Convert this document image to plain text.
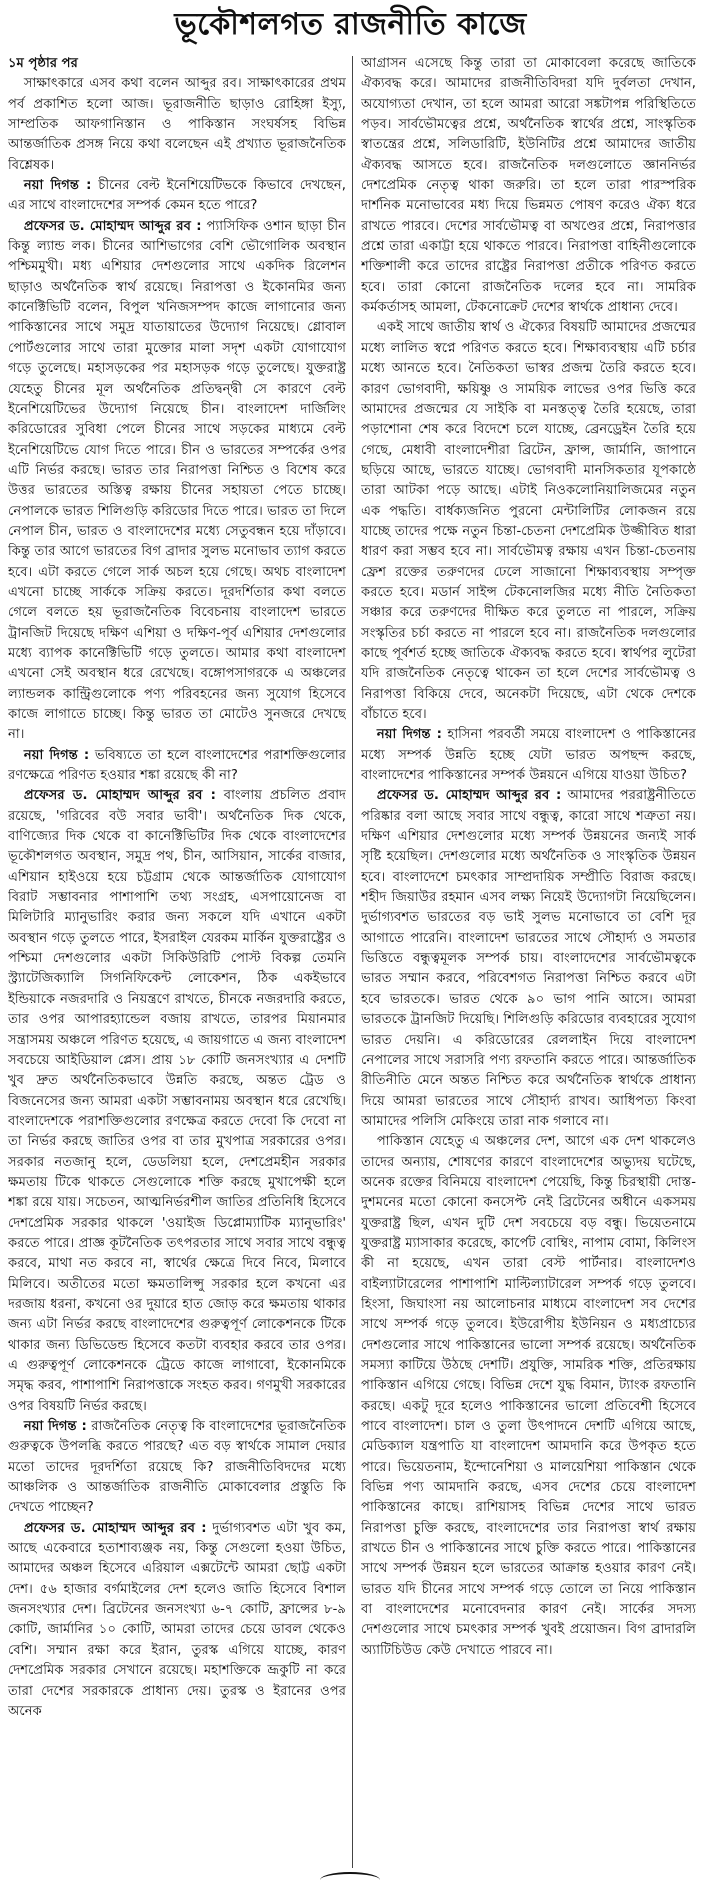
ভূকৌশলগত রাজনীতি কাজে

১ম পৃষ্ঠার পর

সাক্ষাৎকারে এসব কথা বলেন আব্দুর রব। সাক্ষাৎকারের প্রথম পর্ব প্রকাশিত হলো আজ। ভূরাজনীতি ছাড়াও রোহিঙ্গা ইস্যু, সাম্প্রতিক আফগানিস্তান ও পাকিস্তান সংঘর্ষসহ বিভিন্ন আন্তর্জাতিক প্রসঙ্গ নিয়ে কথা বলেছেন এই প্রখ্যাত ভূরাজনৈতিক বিশ্লেষক।

নয়া দিগন্ত : চীনের বেল্ট ইনেশিয়েটিভকে কিভাবে দেখছেন, এর সাথে বাংলাদেশের সম্পর্ক কেমন হতে পারে?

প্রফেসর ড. মোহাম্মদ আব্দুর রব : প্যাসিফিক ওশান ছাড়া চীন কিন্তু ল্যান্ড লক। চীনের আশিভাগের বেশি ভৌগোলিক অবস্থান পশ্চিমমুখী। মধ্য এশিয়ার দেশগুলোর সাথে একদিক রিলেশন ছাড়াও অর্থনৈতিক স্বার্থ রয়েছে। নিরাপত্তা ও ইকোনমির জন্য কানেক্টিভিটি বলেন, বিপুল খনিজসম্পদ কাজে লাগানোর জন্য পাকিস্তানের সাথে সমুদ্র যাতায়াতের উদ্যোগ নিয়েছে। গ্লোবাল পোর্টগুলোর সাথে তারা মুক্তোর মালা সদৃশ একটা যোগাযোগ গড়ে তুলেছে। মহাসড়কের পর মহাসড়ক গড়ে তুলেছে। যুক্তরাষ্ট্র যেহেতু চীনের মূল অর্থনৈতিক প্রতিদ্বন্দ্বী সে কারণে বেল্ট ইনেশিয়েটিভের উদ্যোগ নিয়েছে চীন। বাংলাদেশ দার্জিলিং করিডোরের সুবিধা পেলে চীনের সাথে সড়কের মাধ্যমে বেল্ট ইনেশিয়েটিভে যোগ দিতে পারে। চীন ও ভারতের সম্পর্কের ওপর এটি নির্ভর করছে। ভারত তার নিরাপত্তা নিশ্চিত ও বিশেষ করে উত্তর ভারতের অস্তিত্ব রক্ষায় চীনের সহায়তা পেতে চাচ্ছে। নেপালকে ভারত শিলিগুড়ি করিডোর দিতে পারে। ভারত তা দিলে নেপাল চীন, ভারত ও বাংলাদেশের মধ্যে সেতুবন্ধন হয়ে দাঁড়াবে। কিন্তু তার আগে ভারতের বিগ ব্রাদার সুলভ মনোভাব ত্যাগ করতে হবে। এটা করতে গেলে সার্ক অচল হয়ে গেছে। অথচ বাংলাদেশ এখনো চাচ্ছে সার্ককে সক্রিয় করতে। দূরদর্শিতার কথা বলতে গেলে বলতে হয় ভূরাজনৈতিক বিবেচনায় বাংলাদেশ ভারতে ট্রানজিট দিয়েছে দক্ষিণ এশিয়া ও দক্ষিণ-পূর্ব এশিয়ার দেশগুলোর মধ্যে ব্যাপক কানেক্টিভিটি গড়ে তুলতে। আমার কথা বাংলাদেশ এখনো সেই অবস্থান ধরে রেখেছে। বঙ্গোপসাগরকে এ অঞ্চলের ল্যান্ডলক কান্ট্রিগুলোকে পণ্য পরিবহনের জন্য সুযোগ হিসেবে কাজে লাগাতে চাচ্ছে। কিন্তু ভারত তা মোটেও সুনজরে দেখছে না।

নয়া দিগন্ত : ভবিষ্যতে তা হলে বাংলাদেশের পরাশক্তিগুলোর রণক্ষেত্রে পরিণত হওয়ার শঙ্কা রয়েছে কী না?

প্রফেসর ড. মোহাম্মদ আব্দুর রব : বাংলায় প্রচলিত প্রবাদ রয়েছে, 'গরিবের বউ সবার ভাবী'। অর্থনৈতিক দিক থেকে, বাণিজ্যের দিক থেকে বা কানেক্টিভিটির দিক থেকে বাংলাদেশের ভূকৌশলগত অবস্থান, সমুদ্র পথ, চীন, আসিয়ান, সার্কের বাজার, এশিয়ান হাইওয়ে হয়ে চট্টগ্রাম থেকে আন্তর্জাতিক যোগাযোগ বিরাট সম্ভাবনার পাশাপাশি তথ্য সংগ্রহ, এসপায়োনেজ বা মিলিটারি ম্যানুভারিং করার জন্য সকলে যদি এখানে একটা অবস্থান গড়ে তুলতে পারে, ইসরাইল যেরকম মার্কিন যুক্তরাষ্ট্রের ও পশ্চিমা দেশগুলোর একটা সিকিউরিটি পোস্ট বিকল্প তেমনি স্ট্র্যাটেজিক্যালি সিগনিফিকেন্ট লোকেশন, ঠিক একইভাবে ইন্ডিয়াকে নজরদারি ও নিয়ন্ত্রণে রাখতে, চীনকে নজরদারি করতে, তার ওপর আপারহ্যান্ডেল বজায় রাখতে, তারপর মিয়ানমার সন্ত্রাসময় অঞ্চলে পরিণত হয়েছে, এ জায়গাতে এ জন্য বাংলাদেশ সবচেয়ে আইডিয়াল প্লেস। প্রায় ১৮ কোটি জনসংখ্যার এ দেশটি খুব দ্রুত অর্থনৈতিকভাবে উন্নতি করছে, অন্তত ট্রেড ও বিজনেসের জন্য আমরা একটা সম্ভাবনাময় অবস্থান ধরে রেখেছি। বাংলাদেশকে পরাশক্তিগুলোর রণক্ষেত্র করতে দেবো কি দেবো না তা নির্ভর করছে জাতির ওপর বা তার মুখপাত্র সরকারের ওপর। সরকার নতজানু হলে, ডেডলিয়া হলে, দেশপ্রেমহীন সরকার ক্ষমতায় টিকে থাকতে সেগুলোকে শক্তি করছে মুখাপেক্ষী হলে শঙ্কা রয়ে যায়। সচেতন, আত্মনির্ভরশীল জাতির প্রতিনিধি হিসেবে দেশপ্রেমিক সরকার থাকলে 'ওয়াইজ ডিপ্লোম্যাটিক ম্যানুভারিং' করতে পারে। প্রাজ্ঞ কূটনৈতিক তৎপরতার সাথে সবার সাথে বন্ধুত্ব করবে, মাথা নত করবে না, স্বার্থের ক্ষেত্রে দিবে নিবে, মিলাবে মিলিবে। অতীতের মতো ক্ষমতালিপ্সু সরকার হলে কখনো এর দরজায় ধরনা, কখনো ওর দুয়ারে হাত জোড় করে ক্ষমতায় থাকার জন্য এটা নির্ভর করছে বাংলাদেশের গুরুত্বপূর্ণ লোকেশনকে টিকে থাকার জন্য ডিভিডেন্ড হিসেবে কতটা ব্যবহার করবে তার ওপর। এ গুরুত্বপূর্ণ লোকেশনকে ট্রেডে কাজে লাগাবো, ইকোনমিকে সমৃদ্ধ করব, পাশাপাশি নিরাপত্তাকে সংহত করব। গণমুখী সরকারের ওপর বিষয়টি নির্ভর করছে।

নয়া দিগন্ত : রাজনৈতিক নেতৃত্ব কি বাংলাদেশের ভূরাজনৈতিক গুরুত্বকে উপলব্ধি করতে পারছে? এত বড় স্বার্থকে সামাল দেয়ার মতো তাদের দূরদর্শিতা রয়েছে কি? রাজনীতিবিদদের মধ্যে আঞ্চলিক ও আন্তর্জাতিক রাজনীতি মোকাবেলার প্রস্তুতি কি দেখতে পাচ্ছেন?

প্রফেসর ড. মোহাম্মদ আব্দুর রব : দুর্ভাগ্যবশত এটা খুব কম, আছে একেবারে হতাশাব্যঞ্জক নয়, কিন্তু সেগুলো হওয়া উচিত, আমাদের অঞ্চল হিসেবে এরিয়াল এক্সটেন্টে আমরা ছোট্ট একটা দেশ। ৫৬ হাজার বর্গমাইলের দেশ হলেও জাতি হিসেবে বিশাল জনসংখ্যার দেশ। ব্রিটেনের জনসংখ্যা ৬-৭ কোটি, ফ্রান্সের ৮-৯ কোটি, জার্মানির ১০ কোটি, আমরা তাদের চেয়ে ডাবল থেকেও বেশি। সম্মান রক্ষা করে ইরান, তুরস্ক এগিয়ে যাচ্ছে, কারণ দেশপ্রেমিক সরকার সেখানে রয়েছে। মহাশক্তিকে ভ্রূকুটি না করে তারা দেশের সরকারকে প্রাধান্য দেয়। তুরস্ক ও ইরানের ওপর অনেক

আগ্রাসন এসেছে কিন্তু তারা তা মোকাবেলা করেছে জাতিকে ঐক্যবদ্ধ করে। আমাদের রাজনীতিবিদরা যদি দুর্বলতা দেখান, অযোগ্যতা দেখান, তা হলে আমরা আরো সঙ্কটাপন্ন পরিস্থিতিতে পড়ব। সার্বভৌমত্বের প্রশ্নে, অর্থনৈতিক স্বার্থের প্রশ্নে, সাংস্কৃতিক স্বাতন্ত্রের প্রশ্নে, সলিডারিটি, ইউনিটির প্রশ্নে আমাদের জাতীয় ঐক্যবদ্ধ আসতে হবে। রাজনৈতিক দলগুলোতে জ্ঞাননির্ভর দেশপ্রেমিক নেতৃত্ব থাকা জরুরি। তা হলে তারা পারস্পরিক দার্শনিক মনোভাবের মধ্য দিয়ে ভিন্নমত পোষণ করেও ঐক্য ধরে রাখতে পারবে। দেশের সার্বভৌমত্ব বা অখণ্ডের প্রশ্নে, নিরাপত্তার প্রশ্নে তারা একাট্টা হয়ে থাকতে পারবে। নিরাপত্তা বাহিনীগুলোকে শক্তিশালী করে তাদের রাষ্ট্রের নিরাপত্তা প্রতীকে পরিণত করতে হবে। তারা কোনো রাজনৈতিক দলের হবে না। সামরিক কর্মকর্তাসহ আমলা, টেকনোক্রেট দেশের স্বার্থকে প্রাধান্য দেবে।

একই সাথে জাতীয় স্বার্থ ও ঐক্যের বিষয়টি আমাদের প্রজন্মের মধ্যে লালিত স্বপ্নে পরিণত করতে হবে। শিক্ষাব্যবস্থায় এটি চর্চার মধ্যে আনতে হবে। নৈতিকতা ভাস্বর প্রজন্ম তৈরি করতে হবে। কারণ ভোগবাদী, ক্ষয়িষ্ণু ও সাময়িক লাভের ওপর ভিত্তি করে আমাদের প্রজন্মের যে সাইকি বা মনস্তত্ত্ব তৈরি হয়েছে, তারা পড়াশোনা শেষ করে বিদেশে চলে যাচ্ছে, ব্রেনড্রেইন তৈরি হয়ে গেছে, মেধাবী বাংলাদেশীরা ব্রিটেন, ফ্রান্স, জার্মানি, জাপানে ছড়িয়ে আছে, ভারতে যাচ্ছে। ভোগবাদী মানসিকতার যূপকাষ্ঠে তারা আটকা পড়ে আছে। এটাই নিওকলোনিয়ালিজমের নতুন এক পদ্ধতি। বার্ধক্যজনিত পুরনো মেন্টালিটির লোকজন রয়ে যাচ্ছে তাদের পক্ষে নতুন চিন্তা-চেতনা দেশপ্রেমিক উজ্জীবিত ধারা ধারণ করা সম্ভব হবে না। সার্বভৌমত্ব রক্ষায় এখন চিন্তা-চেতনায় ফ্রেশ রক্তের তরুণদের ঢেলে সাজানো শিক্ষাব্যবস্থায় সম্পৃক্ত করতে হবে। মডার্ন সাইন্স টেকনোলজির মধ্যে নীতি নৈতিকতা সঞ্চার করে তরুণদের দীক্ষিত করে তুলতে না পারলে, সক্রিয় সংস্কৃতির চর্চা করতে না পারলে হবে না। রাজনৈতিক দলগুলোর কাছে পূর্বশর্ত হচ্ছে জাতিকে ঐক্যবদ্ধ করতে হবে। স্বার্থপর লুটেরা যদি রাজনৈতিক নেতৃত্বে থাকেন তা হলে দেশের সার্বভৌমত্ব ও নিরাপত্তা বিকিয়ে দেবে, অনেকটা দিয়েছে, এটা থেকে দেশকে বাঁচাতে হবে।

নয়া দিগন্ত : হাসিনা পরবর্তী সময়ে বাংলাদেশ ও পাকিস্তানের মধ্যে সম্পর্ক উন্নতি হচ্ছে যেটা ভারত অপছন্দ করছে, বাংলাদেশের পাকিস্তানের সম্পর্ক উন্নয়নে এগিয়ে যাওয়া উচিত?

প্রফেসর ড. মোহাম্মদ আব্দুর রব : আমাদের পররাষ্ট্রনীতিতে পরিষ্কার বলা আছে সবার সাথে বন্ধুত্ব, কারো সাথে শত্রুতা নয়। দক্ষিণ এশিয়ার দেশগুলোর মধ্যে সম্পর্ক উন্নয়নের জন্যই সার্ক সৃষ্টি হয়েছিল। দেশগুলোর মধ্যে অর্থনৈতিক ও সাংস্কৃতিক উন্নয়ন হবে। বাংলাদেশে চমৎকার সাম্প্রদায়িক সম্প্রীতি বিরাজ করছে। শহীদ জিয়াউর রহমান এসব লক্ষ্য নিয়েই উদ্যোগটা নিয়েছিলেন। দুর্ভাগ্যবশত ভারতের বড় ভাই সুলভ মনোভাবে তা বেশি দূর আগাতে পারেনি। বাংলাদেশ ভারতের সাথে সৌহার্দ্য ও সমতার ভিত্তিতে বন্ধুত্বমূলক সম্পর্ক চায়। বাংলাদেশের সার্বভৌমত্বকে ভারত সম্মান করবে, পরিবেশগত নিরাপত্তা নিশ্চিত করবে এটা হবে ভারতকে। ভারত থেকে ৯০ ভাগ পানি আসে। আমরা ভারতকে ট্রানজিট দিয়েছি। শিলিগুড়ি করিডোর ব্যবহারের সুযোগ ভারত দেয়নি। এ করিডোরের রেললাইন দিয়ে বাংলাদেশ নেপালের সাথে সরাসরি পণ্য রফতানি করতে পারে। আন্তর্জাতিক রীতিনীতি মেনে অন্তত নিশ্চিত করে অর্থনৈতিক স্বার্থকে প্রাধান্য দিয়ে আমরা ভারতের সাথে সৌহার্দ্য রাখব। আধিপত্য কিংবা আমাদের পলিসি মেকিংয়ে তারা নাক গলাবে না।

পাকিস্তান যেহেতু এ অঞ্চলের দেশ, আগে এক দেশ থাকলেও তাদের অন্যায়, শোষণের কারণে বাংলাদেশের অভ্যুদয় ঘটেছে, অনেক রক্তের বিনিময়ে বাংলাদেশ পেয়েছি, কিন্তু চিরস্থায়ী দোস্ত-দুশমনের মতো কোনো কনসেপ্ট নেই ব্রিটেনের অধীনে একসময় যুক্তরাষ্ট্র ছিল, এখন দুটি দেশ সবচেয়ে বড় বন্ধু। ভিয়েতনামে যুক্তরাষ্ট্র ম্যাসাকার করেছে, কার্পেট বোম্বিং, নাপাম বোমা, কিলিংস কী না হয়েছে, এখন তারা বেস্ট পার্টনার। বাংলাদেশও বাইল্যাটারেলের পাশাপাশি মাল্টিল্যাটারেল সম্পর্ক গড়ে তুলবে। হিংসা, জিঘাংসা নয় আলোচনার মাধ্যমে বাংলাদেশ সব দেশের সাথে সম্পর্ক গড়ে তুলবে। ইউরোপীয় ইউনিয়ন ও মধ্যপ্রাচ্যের দেশগুলোর সাথে পাকিস্তানের ভালো সম্পর্ক রয়েছে। অর্থনৈতিক সমস্যা কাটিয়ে উঠছে দেশটি। প্রযুক্তি, সামরিক শক্তি, প্রতিরক্ষায় পাকিস্তান এগিয়ে গেছে। বিভিন্ন দেশে যুদ্ধ বিমান, ট্যাংক রফতানি করছে। একটু দূরে হলেও পাকিস্তানের ভালো প্রতিবেশী হিসেবে পাবে বাংলাদেশ। চাল ও তুলা উৎপাদনে দেশটি এগিয়ে আছে, মেডিক্যাল যন্ত্রপাতি যা বাংলাদেশ আমদানি করে উপকৃত হতে পারে। ভিয়েতনাম, ইন্দোনেশিয়া ও মালয়েশিয়া পাকিস্তান থেকে বিভিন্ন পণ্য আমদানি করছে, এসব দেশের চেয়ে বাংলাদেশ পাকিস্তানের কাছে। রাশিয়াসহ বিভিন্ন দেশের সাথে ভারত নিরাপত্তা চুক্তি করছে, বাংলাদেশের তার নিরাপত্তা স্বার্থ রক্ষায় রাখতে চীন ও পাকিস্তানের সাথে চুক্তি করতে পারে। পাকিস্তানের সাথে সম্পর্ক উন্নয়ন হলে ভারতের আক্রান্ত হওয়ার কারণ নেই। ভারত যদি চীনের সাথে সম্পর্ক গড়ে তোলে তা নিয়ে পাকিস্তান বা বাংলাদেশের মনোবেদনার কারণ নেই। সার্কের সদস্য দেশগুলোর সাথে চমৎকার সম্পর্ক খুবই প্রয়োজন। বিগ ব্রাদারলি অ্যাটিচিউড কেউ দেখাতে পারবে না।
